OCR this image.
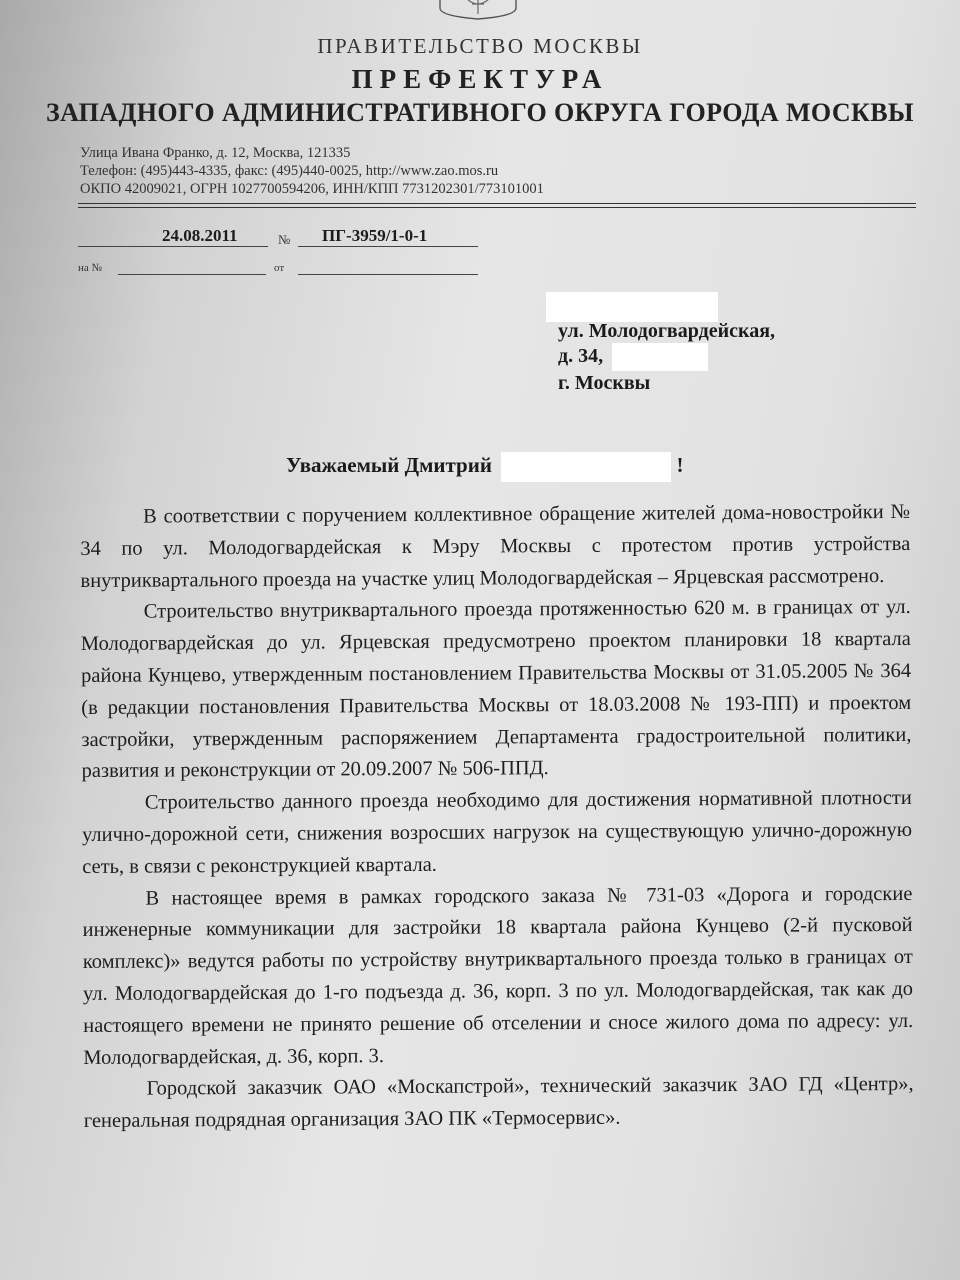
ПРАВИТЕЛЬСТВО МОСКВЫ
ПРЕФЕКТУРА
ЗАПАДНОГО АДМИНИСТРАТИВНОГО ОКРУГА ГОРОДА МОСКВЫ
Улица Ивана Франко, д. 12, Москва, 121335
Телефон: (495)443-4335, факс: (495)440-0025, http://www.zao.mos.ru
ОКПО 42009021, ОГРН 1027700594206, ИНН/КПП 7731202301/773101001
24.08.2011	№ ПГ-3959/1-0-1
на №	от
ул. Молодогвардейская,
д. 34,
г. Москвы
Уважаемый Дмитрий	!

В соответствии с поручением коллективное обращение жителей дома-новостройки № 34 по ул. Молодогвардейская к Мэру Москвы с протестом против устройства внутриквартального проезда на участке улиц Молодогвардейская – Ярцевская рассмотрено.

Строительство внутриквартального проезда протяженностью 620 м. в границах от ул. Молодогвардейская до ул. Ярцевская предусмотрено проектом планировки 18 квартала района Кунцево, утвержденным постановлением Правительства Москвы от 31.05.2005 № 364 (в редакции постановления Правительства Москвы от 18.03.2008 № 193-ПП) и проектом застройки, утвержденным распоряжением Департамента градостроительной политики, развития и реконструкции от 20.09.2007 № 506-ППД.

Строительство данного проезда необходимо для достижения нормативной плотности улично-дорожной сети, снижения возросших нагрузок на существующую улично-дорожную сеть, в связи с реконструкцией квартала.

В настоящее время в рамках городского заказа № 731-03 «Дорога и городские инженерные коммуникации для застройки 18 квартала района Кунцево (2-й пусковой комплекс)» ведутся работы по устройству внутриквартального проезда только в границах от ул. Молодогвардейская до 1-го подъезда д. 36, корп. 3 по ул. Молодогвардейская, так как до настоящего времени не принято решение об отселении и сносе жилого дома по адресу: ул. Молодогвардейская, д. 36, корп. 3.

Городской заказчик ОАО «Москапстрой», технический заказчик ЗАО ГД «Центр», генеральная подрядная организация ЗАО ПК «Термосервис».
